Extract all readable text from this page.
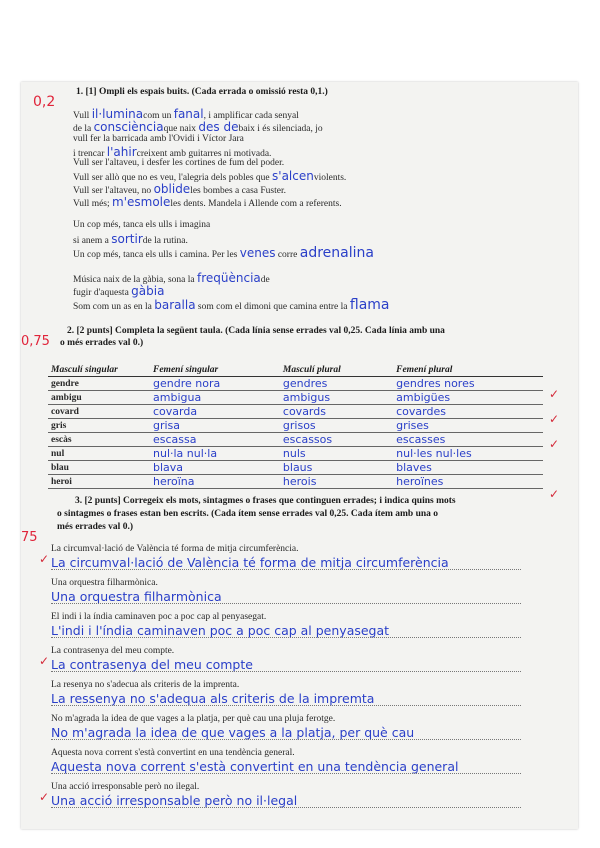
0,2
1. [1] Ompli els espais buits. (Cada errada o omissió resta 0,1.)
Vull il·luminacom un fanal, i amplificar cada senyal
de la consciènciaque naix des debaix i és silenciada, jo
vull fer la barricada amb l'Ovidi i Víctor Jara
i trencar l'ahircreixent amb guitarres ni motivada.
Vull ser l'altaveu, i desfer les cortines de fum del poder.
Vull ser allò que no es veu, l'alegria dels pobles que s'alcenviolents.
Vull ser l'altaveu, no oblideles bombes a casa Fuster.
Vull més; m'esmoleles dents. Mandela i Allende com a referents.
Un cop més, tanca els ulls i imagina
si anem a sortirde la rutina.
Un cop més, tanca els ulls i camina. Per les venes corre adrenalina
Música naix de la gàbia, sona la freqüènciade
fugir d'aquesta gàbia
Som com un as en la baralla som com el dimoni que camina entre la flama
0,75
2. [2 punts] Completa la següent taula. (Cada línia sense errades val 0,25. Cada línia amb una
o més errades val 0.)
Masculí singular	Femení singular	Masculí plural	Femení plural
gendre	gendre nora	gendres	gendres nores
ambigu	ambigua	ambigus	ambigües
covard	covarda	covards	covardes
gris	grisa	grisos	grises
escàs	escassa	escassos	escasses
nul	nul·la nul·la	nuls	nul·les nul·les
blau	blava	blaus	blaves
heroi	heroïna	herois	heroïnes
✓
✓
✓
✓
75
3. [2 punts] Corregeix els mots, sintagmes o frases que continguen errades; i indica quins mots
o sintagmes o frases estan ben escrits. (Cada ítem sense errades val 0,25. Cada ítem amb una o
més errades val 0.)
La circumval·lació de València té forma de mitja circumferència.
La circumval·lació de València té forma de mitja circumferència
✓
Una orquestra filharmònica.
Una orquestra filharmònica
El indi i la índia caminaven poc a poc cap al penyasegat.
L'indi i l'índia caminaven poc a poc cap al penyasegat
La contrasenya del meu compte.
La contrasenya del meu compte
✓
La resenya no s'adecua als criteris de la imprenta.
La ressenya no s'adequa als criteris de la impremta
No m'agrada la idea de que vages a la platja, per què cau una pluja ferotge.
No m'agrada la idea de que vages a la platja, per què cau
Aquesta nova corrent s'està convertint en una tendència general.
Aquesta nova corrent s'està convertint en una tendència general
Una acció irresponsable però no ilegal.
Una acció irresponsable però no il·legal
✓
